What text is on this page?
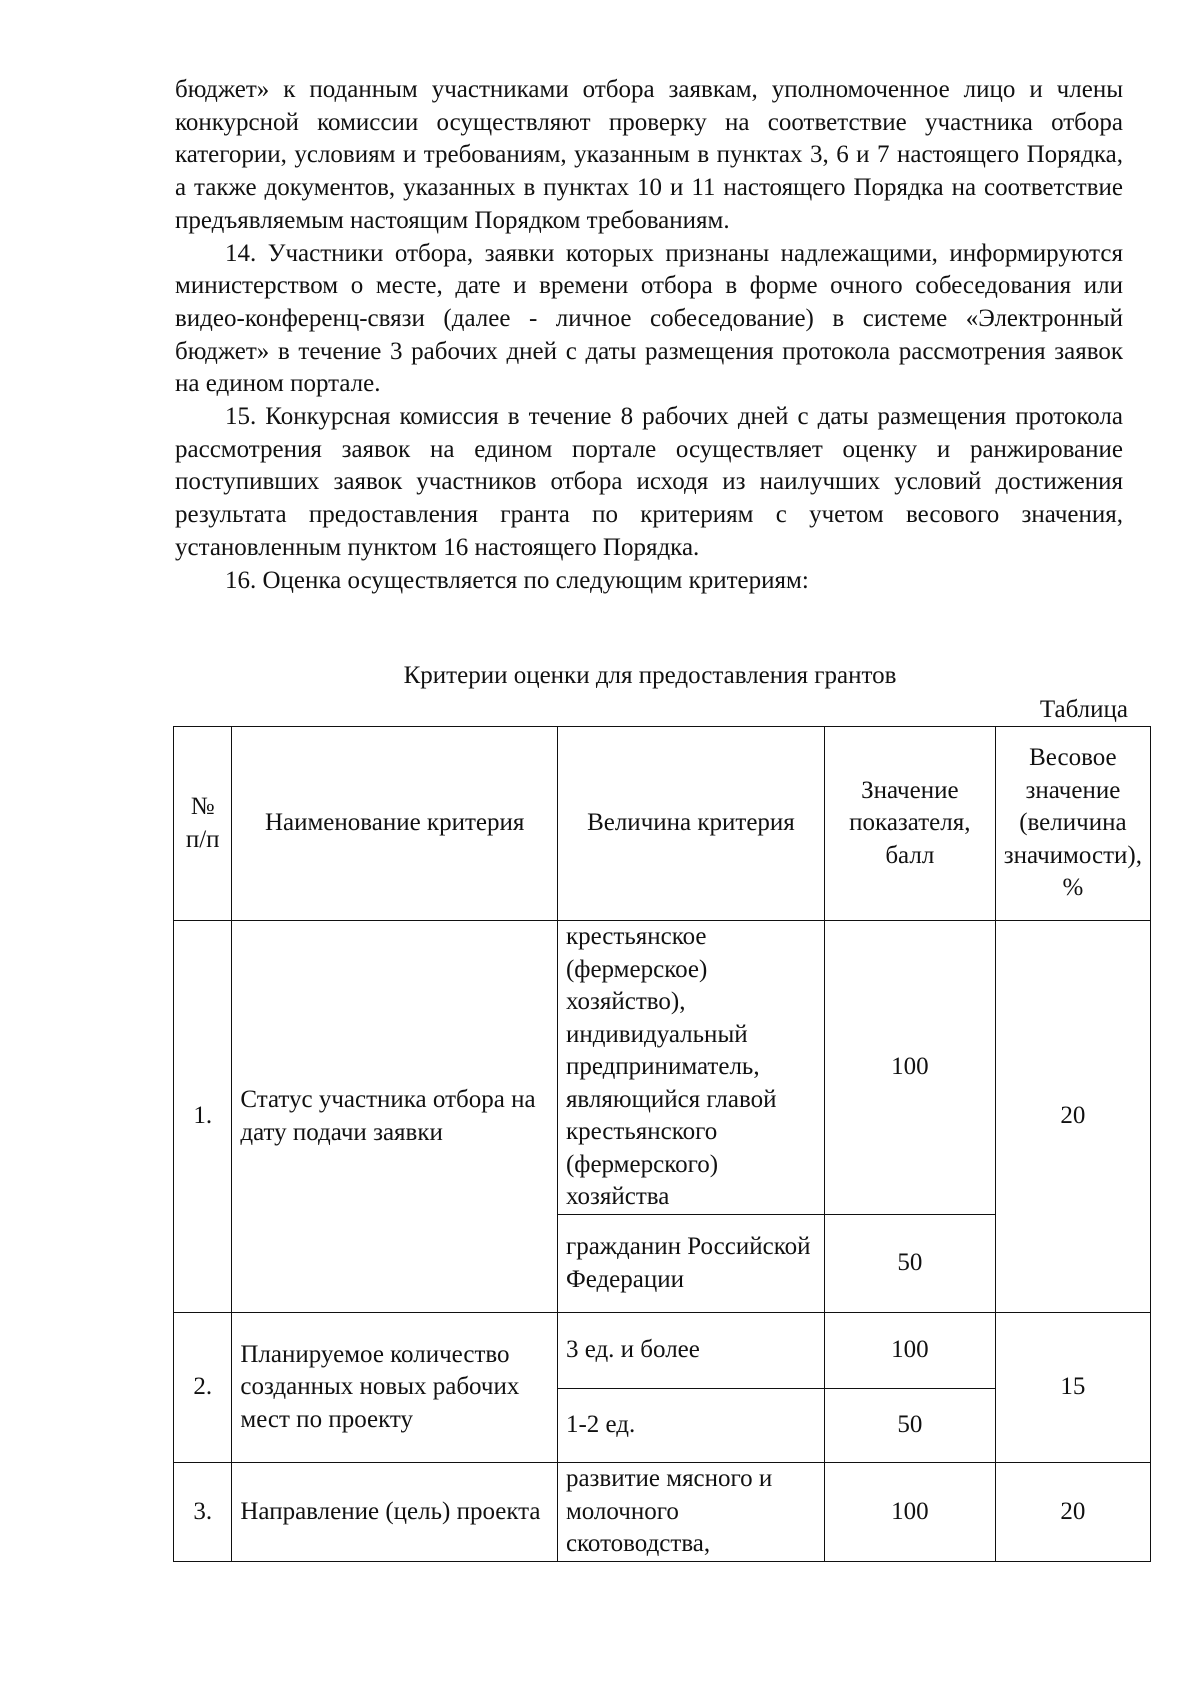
бюджет» к поданным участниками отбора заявкам, уполномоченное лицо и члены конкурсной комиссии осуществляют проверку на соответствие участника отбора категории, условиям и требованиям, указанным в пунктах 3, 6 и 7 настоящего Порядка, а также документов, указанных в пунктах 10 и 11 настоящего Порядка на соответствие предъявляемым настоящим Порядком требованиям.
14. Участники отбора, заявки которых признаны надлежащими, информируются министерством о месте, дате и времени отбора в форме очного собеседования или видео-конференц-связи (далее - личное собеседование) в системе «Электронный бюджет» в течение 3 рабочих дней с даты размещения протокола рассмотрения заявок на едином портале.
15. Конкурсная комиссия в течение 8 рабочих дней с даты размещения протокола рассмотрения заявок на едином портале осуществляет оценку и ранжирование поступивших заявок участников отбора исходя из наилучших условий достижения результата предоставления гранта по критериям с учетом весового значения, установленным пунктом 16 настоящего Порядка.
16. Оценка осуществляется по следующим критериям:
Критерии оценки для предоставления грантов
Таблица
№ п/п	Наименование критерия	Величина критерия	Значение показателя, балл	Весовое значение (величина значимости), %
1.	Статус участника отбора на дату подачи заявки	крестьянское (фермерское) хозяйство), индивидуальный предприниматель, являющийся главой крестьянского (фермерского) хозяйства	100	20
		гражданин Российской Федерации	50	
2.	Планируемое количество созданных новых рабочих мест по проекту	3 ед. и более	100	15
		1-2 ед.	50	
3.	Направление (цель) проекта	развитие мясного и молочного скотоводства,	100	20
